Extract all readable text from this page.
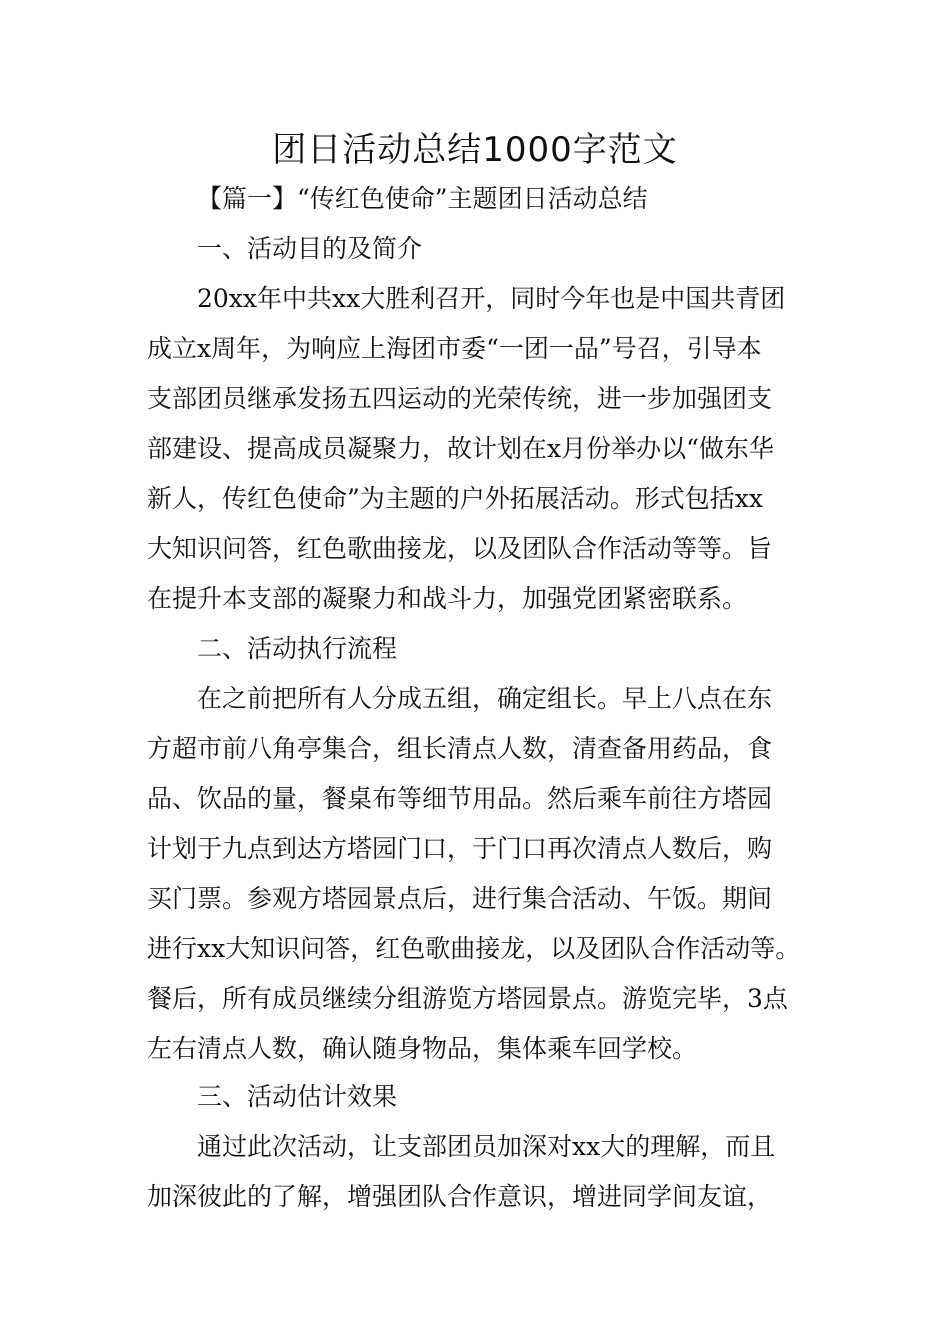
团日活动总结1000字范文

【篇一】“传红色使命”主题团日活动总结

一、活动目的及简介

20xx年中共xx大胜利召开，同时今年也是中国共青团

成立x周年，为响应上海团市委“一团一品”号召，引导本

支部团员继承发扬五四运动的光荣传统，进一步加强团支

部建设、提高成员凝聚力，故计划在x月份举办以“做东华

新人，传红色使命”为主题的户外拓展活动。形式包括xx

大知识问答，红色歌曲接龙，以及团队合作活动等等。旨

在提升本支部的凝聚力和战斗力，加强党团紧密联系。

二、活动执行流程

在之前把所有人分成五组，确定组长。早上八点在东

方超市前八角亭集合，组长清点人数，清查备用药品，食

品、饮品的量，餐桌布等细节用品。然后乘车前往方塔园

计划于九点到达方塔园门口，于门口再次清点人数后，购

买门票。参观方塔园景点后，进行集合活动、午饭。期间

进行xx大知识问答，红色歌曲接龙，以及团队合作活动等。

餐后，所有成员继续分组游览方塔园景点。游览完毕，3点

左右清点人数，确认随身物品，集体乘车回学校。

三、活动估计效果

通过此次活动，让支部团员加深对xx大的理解，而且

加深彼此的了解，增强团队合作意识，增进同学间友谊，
